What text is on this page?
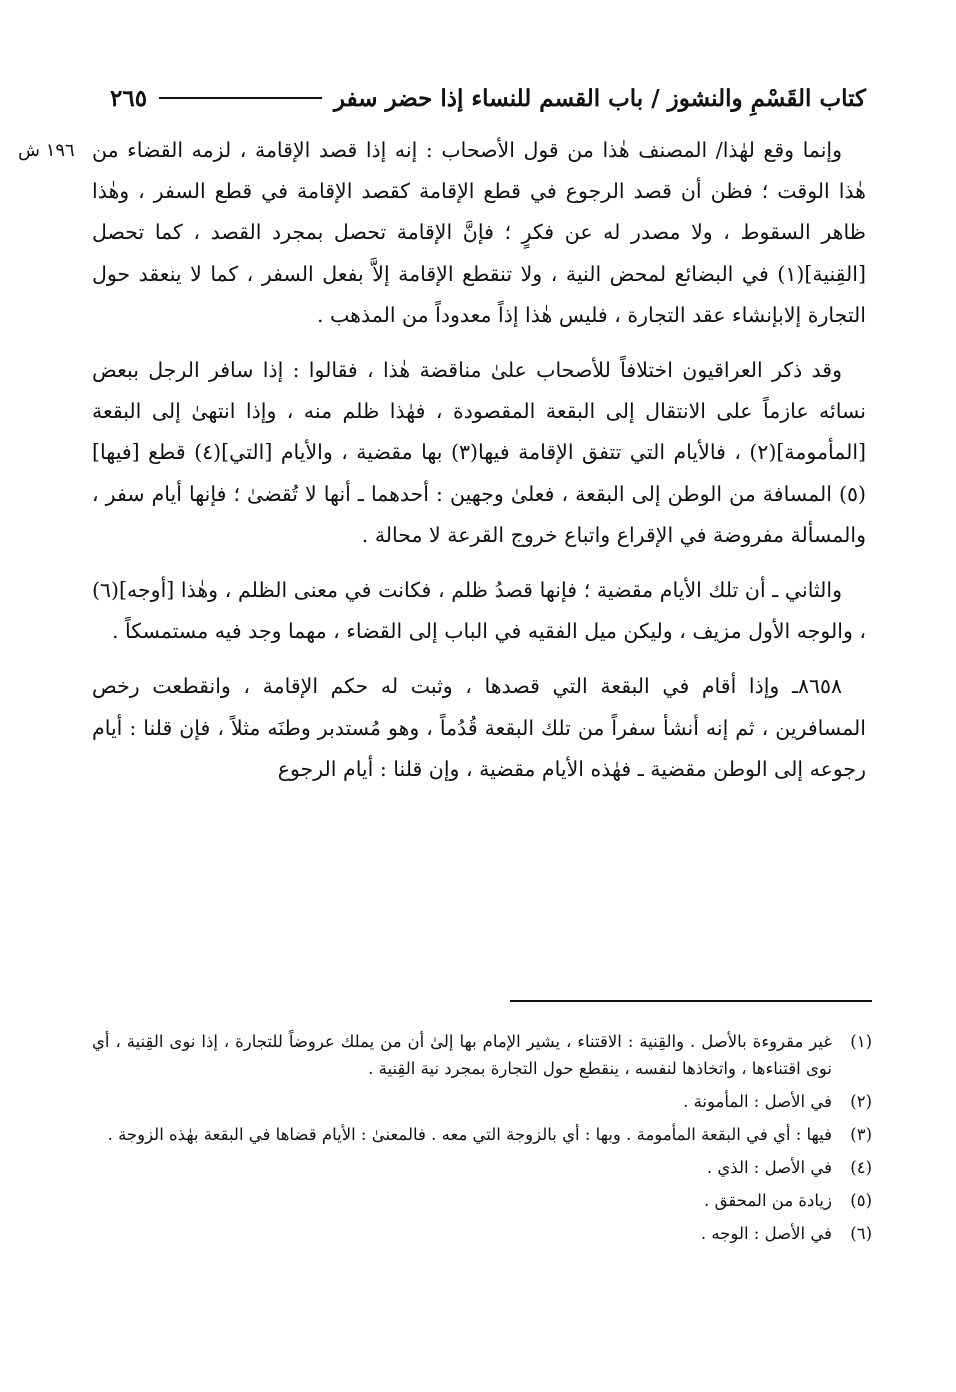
كتاب القَسْمِ والنشوز / باب القسم للنساء إذا حضر سفر
٢٦٥
١٩٦ ش وإنما وقع لهٰذا/ المصنف هٰذا من قول الأصحاب : إنه إذا قصد الإقامة ، لزمه القضاء من هٰذا الوقت ؛ فظن أن قصد الرجوع في قطع الإقامة كقصد الإقامة في قطع السفر ، وهٰذا ظاهر السقوط ، ولا مصدر له عن فكرٍ ؛ فإنَّ الإقامة تحصل بمجرد القصد ، كما تحصل [القِنية](١) في البضائع لمحض النية ، ولا تنقطع الإقامة إلاَّ بفعل السفر ، كما لا ينعقد حول التجارة إلابإنشاء عقد التجارة ، فليس هٰذا إذاً معدوداً من المذهب .

وقد ذكر العراقيون اختلافاً للأصحاب علىٰ مناقضة هٰذا ، فقالوا : إذا سافر الرجل ببعض نسائه عازماً على الانتقال إلى البقعة المقصودة ، فهٰذا ظلم منه ، وإذا انتهىٰ إلى البقعة [المأمومة](٢) ، فالأيام التي تتفق الإقامة فيها(٣) بها مقضية ، والأيام [التي](٤) قطع [فيها](٥) المسافة من الوطن إلى البقعة ، فعلىٰ وجهين : أحدهما ـ أنها لا تُقضىٰ ؛ فإنها أيام سفر ، والمسألة مفروضة في الإقراع واتباع خروج القرعة لا محالة .

والثاني ـ أن تلك الأيام مقضية ؛ فإنها قصدُ ظلم ، فكانت في معنى الظلم ، وهٰذا [أوجه](٦) ، والوجه الأول مزيف ، وليكن ميل الفقيه في الباب إلى القضاء ، مهما وجد فيه مستمسكاً .

٨٦٥٨ـ وإذا أقام في البقعة التي قصدها ، وثبت له حكم الإقامة ، وانقطعت رخص المسافرين ، ثم إنه أنشأ سفراً من تلك البقعة قُدُماً ، وهو مُستدبر وطنَه مثلاً ، فإن قلنا : أيام رجوعه إلى الوطن مقضية ـ فهٰذه الأيام مقضية ، وإن قلنا : أيام الرجوع

(١)
غير مقروءة بالأصل . والقِنية : الاقتناء ، يشير الإمام بها إلىٰ أن من يملك عروضاً للتجارة ، إذا نوى القِنية ، أي نوى اقتناءها ، واتخاذها لنفسه ، ينقطع حول التجارة بمجرد نية القِنية .
(٢)
في الأصل : المأمونة .
(٣)
فيها : أي في البقعة المأمومة . وبها : أي بالزوجة التي معه . فالمعنىٰ : الأيام قضاها في البقعة بهٰذه الزوجة .
(٤)
في الأصل : الذي .
(٥)
زيادة من المحقق .
(٦)
في الأصل : الوجه .
